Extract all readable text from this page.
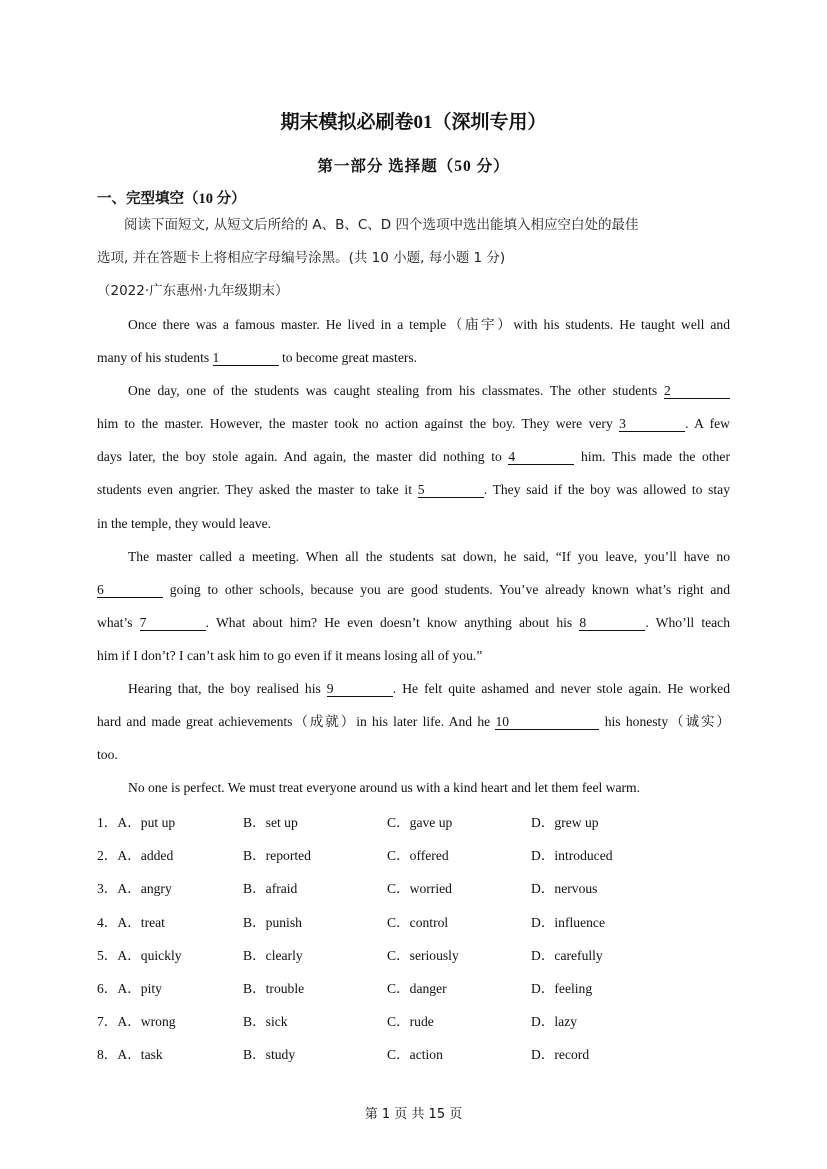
期末模拟必刷卷01（深圳专用）
第一部分 选择题（50 分）
一、完型填空（10 分）
　　阅读下面短文, 从短文后所给的 A、B、C、D 四个选项中选出能填入相应空白处的最佳
选项, 并在答题卡上将相应字母编号涂黑。(共 10 小题, 每小题 1 分)
（2022·广东惠州·九年级期末）
Once there was a famous master. He lived in a temple（庙宇）with his students. He taught well and
many of his students 1	to become great masters.
One day, one of the students was caught stealing from his classmates. The other students 2
him to the master. However, the master took no action against the boy. They were very 3	. A few
days later, the boy stole again. And again, the master did nothing to 4	him. This made the other
students even angrier. They asked the master to take it 5	. They said if the boy was allowed to stay
in the temple, they would leave.
The master called a meeting. When all the students sat down, he said, “If you leave, you’ll have no
6	going to other schools, because you are good students. You’ve already known what’s right and
what’s 7	. What about him? He even doesn’t know anything about his 8	. Who’ll teach
him if I don’t? I can’t ask him to go even if it means losing all of you.”
Hearing that, the boy realised his 9	. He felt quite ashamed and never stole again. He worked
hard and made great achievements（成就）in his later life. And he 10	his honesty（诚实）
too.
No one is perfect. We must treat everyone around us with a kind heart and let them feel warm.
1．A．put up	B．set up	C．gave up	D．grew up
2．A．added	B．reported	C．offered	D．introduced
3．A．angry	B．afraid	C．worried	D．nervous
4．A．treat	B．punish	C．control	D．influence
5．A．quickly	B．clearly	C．seriously	D．carefully
6．A．pity	B．trouble	C．danger	D．feeling
7．A．wrong	B．sick	C．rude	D．lazy
8．A．task	B．study	C．action	D．record
第 1 页 共 15 页
